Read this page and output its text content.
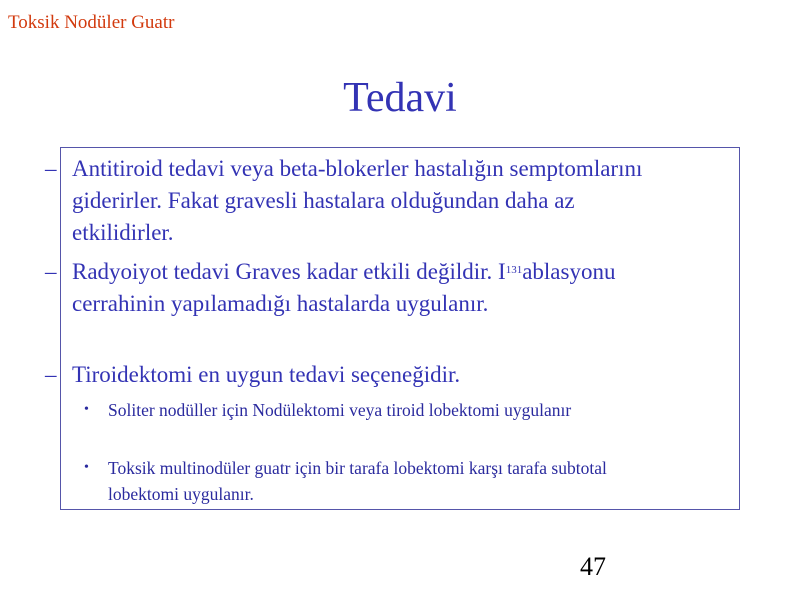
Toksik Nodüler Guatr
Tedavi
– Antitiroid tedavi veya beta-blokerler hastalığın semptomlarını giderirler. Fakat gravesli hastalara olduğundan daha az etkilidirler.
– Radyoiyot tedavi Graves kadar etkili değildir. $I^{131}ablasyonu$ cerrahinin yapılamadığı hastalarda uygulanır.
– Tiroidektomi en uygun tedavi seçeneğidir.
• Soliter nodüller için Nodülektomi veya tiroid lobektomi uygulanır
• Toksik multinodüler guatr için bir tarafa lobektomi karşı tarafa subtotal lobektomi uygulanır.
47
